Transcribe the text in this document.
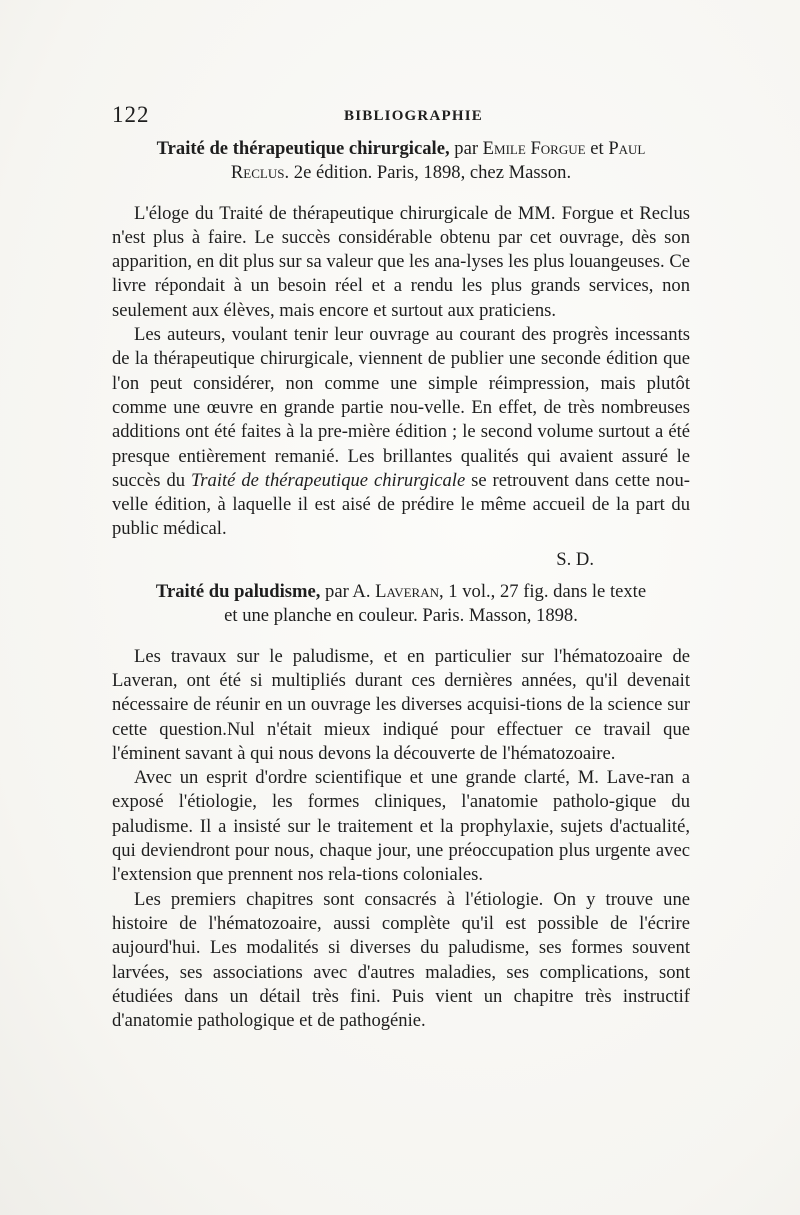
122	BIBLIOGRAPHIE

Traité de thérapeutique chirurgicale, par Emile Forgue et Paul
Reclus. 2e édition. Paris, 1898, chez Masson.

L'éloge du Traité de thérapeutique chirurgicale de MM. Forgue et Reclus n'est plus à faire. Le succès considérable obtenu par cet ouvrage, dès son apparition, en dit plus sur sa valeur que les ana-lyses les plus louangeuses. Ce livre répondait à un besoin réel et a rendu les plus grands services, non seulement aux élèves, mais encore et surtout aux praticiens.

Les auteurs, voulant tenir leur ouvrage au courant des progrès incessants de la thérapeutique chirurgicale, viennent de publier une seconde édition que l'on peut considérer, non comme une simple réimpression, mais plutôt comme une œuvre en grande partie nou-velle. En effet, de très nombreuses additions ont été faites à la pre-mière édition ; le second volume surtout a été presque entièrement remanié. Les brillantes qualités qui avaient assuré le succès du Traité de thérapeutique chirurgicale se retrouvent dans cette nou-velle édition, à laquelle il est aisé de prédire le même accueil de la part du public médical.

S. D.

Traité du paludisme, par A. Laveran, 1 vol., 27 fig. dans le texte
et une planche en couleur. Paris. Masson, 1898.

Les travaux sur le paludisme, et en particulier sur l'hématozoaire de Laveran, ont été si multipliés durant ces dernières années, qu'il devenait nécessaire de réunir en un ouvrage les diverses acquisi-tions de la science sur cette question.Nul n'était mieux indiqué pour effectuer ce travail que l'éminent savant à qui nous devons la découverte de l'hématozoaire.

Avec un esprit d'ordre scientifique et une grande clarté, M. Lave-ran a exposé l'étiologie, les formes cliniques, l'anatomie patholo-gique du paludisme. Il a insisté sur le traitement et la prophylaxie, sujets d'actualité, qui deviendront pour nous, chaque jour, une préoccupation plus urgente avec l'extension que prennent nos rela-tions coloniales.

Les premiers chapitres sont consacrés à l'étiologie. On y trouve une histoire de l'hématozoaire, aussi complète qu'il est possible de l'écrire aujourd'hui. Les modalités si diverses du paludisme, ses formes souvent larvées, ses associations avec d'autres maladies, ses complications, sont étudiées dans un détail très fini. Puis vient un chapitre très instructif d'anatomie pathologique et de pathogénie.
